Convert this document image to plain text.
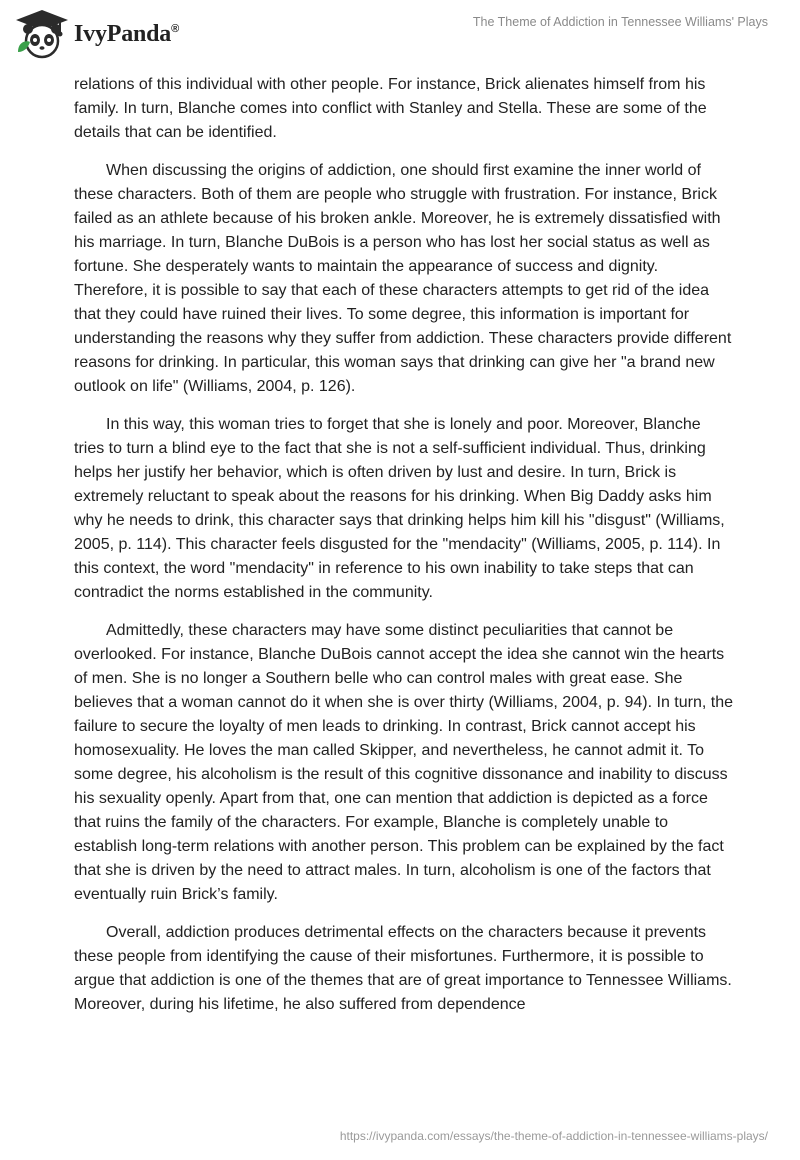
IvyPanda®	The Theme of Addiction in Tennessee Williams' Plays

relations of this individual with other people. For instance, Brick alienates himself from his family. In turn, Blanche comes into conflict with Stanley and Stella. These are some of the details that can be identified.

When discussing the origins of addiction, one should first examine the inner world of these characters. Both of them are people who struggle with frustration. For instance, Brick failed as an athlete because of his broken ankle. Moreover, he is extremely dissatisfied with his marriage. In turn, Blanche DuBois is a person who has lost her social status as well as fortune. She desperately wants to maintain the appearance of success and dignity. Therefore, it is possible to say that each of these characters attempts to get rid of the idea that they could have ruined their lives. To some degree, this information is important for understanding the reasons why they suffer from addiction. These characters provide different reasons for drinking. In particular, this woman says that drinking can give her "a brand new outlook on life" (Williams, 2004, p. 126).

In this way, this woman tries to forget that she is lonely and poor. Moreover, Blanche tries to turn a blind eye to the fact that she is not a self-sufficient individual. Thus, drinking helps her justify her behavior, which is often driven by lust and desire. In turn, Brick is extremely reluctant to speak about the reasons for his drinking. When Big Daddy asks him why he needs to drink, this character says that drinking helps him kill his "disgust" (Williams, 2005, p. 114). This character feels disgusted for the "mendacity" (Williams, 2005, p. 114). In this context, the word "mendacity" in reference to his own inability to take steps that can contradict the norms established in the community.

Admittedly, these characters may have some distinct peculiarities that cannot be overlooked. For instance, Blanche DuBois cannot accept the idea she cannot win the hearts of men. She is no longer a Southern belle who can control males with great ease. She believes that a woman cannot do it when she is over thirty (Williams, 2004, p. 94). In turn, the failure to secure the loyalty of men leads to drinking. In contrast, Brick cannot accept his homosexuality. He loves the man called Skipper, and nevertheless, he cannot admit it. To some degree, his alcoholism is the result of this cognitive dissonance and inability to discuss his sexuality openly. Apart from that, one can mention that addiction is depicted as a force that ruins the family of the characters. For example, Blanche is completely unable to establish long-term relations with another person. This problem can be explained by the fact that she is driven by the need to attract males. In turn, alcoholism is one of the factors that eventually ruin Brick’s family.

Overall, addiction produces detrimental effects on the characters because it prevents these people from identifying the cause of their misfortunes. Furthermore, it is possible to argue that addiction is one of the themes that are of great importance to Tennessee Williams. Moreover, during his lifetime, he also suffered from dependence

https://ivypanda.com/essays/the-theme-of-addiction-in-tennessee-williams-plays/
